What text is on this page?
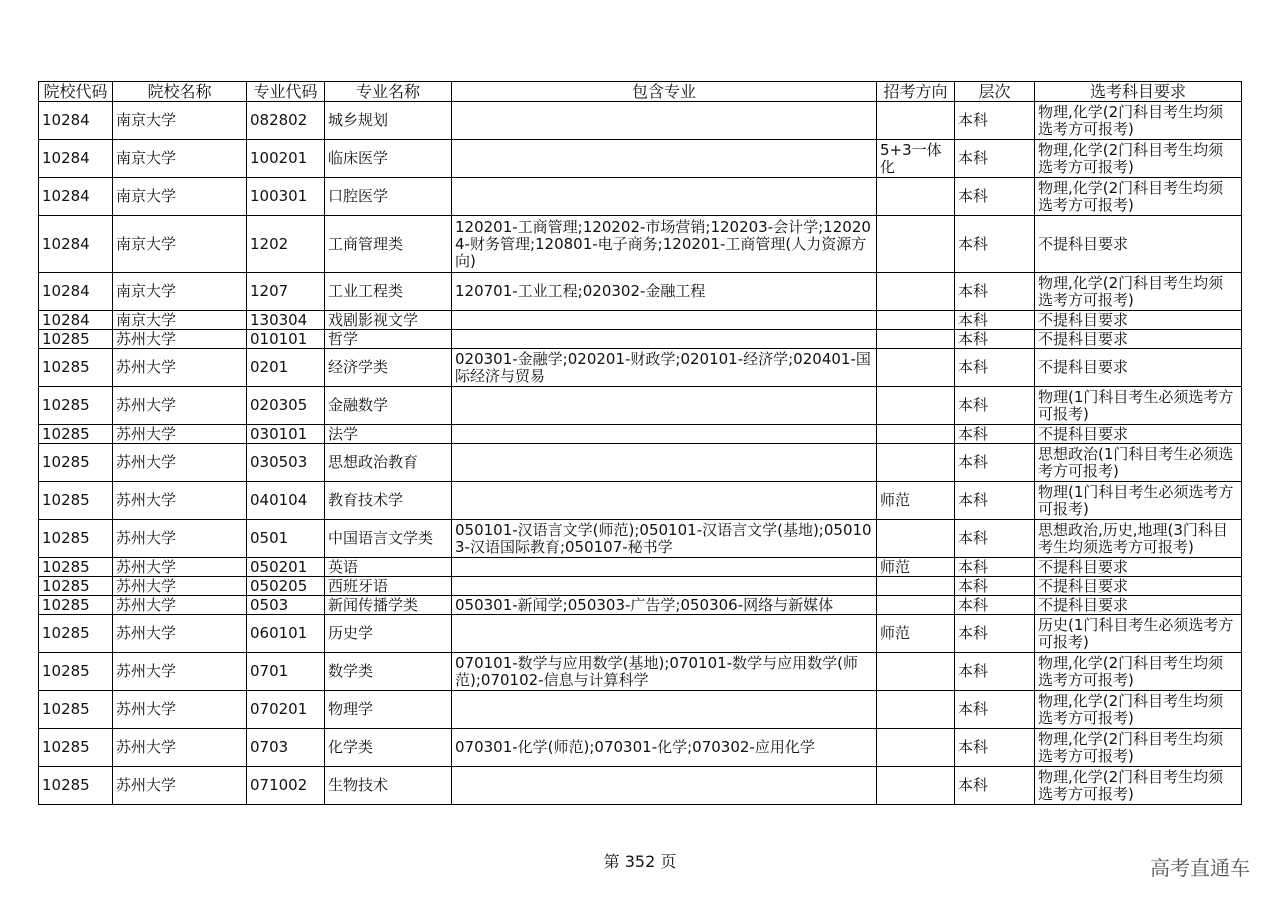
院校代码	院校名称	专业代码	专业名称	包含专业	招考方向	层次	选考科目要求
10284	南京大学	082802	城乡规划			本科	物理,化学(2门科目考生均须选考方可报考)
10284	南京大学	100201	临床医学		5+3一体化	本科	物理,化学(2门科目考生均须选考方可报考)
10284	南京大学	100301	口腔医学			本科	物理,化学(2门科目考生均须选考方可报考)
10284	南京大学	1202	工商管理类	120201-工商管理;120202-市场营销;120203-会计学;120204-财务管理;120801-电子商务;120201-工商管理(人力资源方向)		本科	不提科目要求
10284	南京大学	1207	工业工程类	120701-工业工程;020302-金融工程		本科	物理,化学(2门科目考生均须选考方可报考)
10284	南京大学	130304	戏剧影视文学			本科	不提科目要求
10285	苏州大学	010101	哲学			本科	不提科目要求
10285	苏州大学	0201	经济学类	020301-金融学;020201-财政学;020101-经济学;020401-国际经济与贸易		本科	不提科目要求
10285	苏州大学	020305	金融数学			本科	物理(1门科目考生必须选考方可报考)
10285	苏州大学	030101	法学			本科	不提科目要求
10285	苏州大学	030503	思想政治教育			本科	思想政治(1门科目考生必须选考方可报考)
10285	苏州大学	040104	教育技术学		师范	本科	物理(1门科目考生必须选考方可报考)
10285	苏州大学	0501	中国语言文学类	050101-汉语言文学(师范);050101-汉语言文学(基地);050103-汉语国际教育;050107-秘书学		本科	思想政治,历史,地理(3门科目考生均须选考方可报考)
10285	苏州大学	050201	英语		师范	本科	不提科目要求
10285	苏州大学	050205	西班牙语			本科	不提科目要求
10285	苏州大学	0503	新闻传播学类	050301-新闻学;050303-广告学;050306-网络与新媒体		本科	不提科目要求
10285	苏州大学	060101	历史学		师范	本科	历史(1门科目考生必须选考方可报考)
10285	苏州大学	0701	数学类	070101-数学与应用数学(基地);070101-数学与应用数学(师范);070102-信息与计算科学		本科	物理,化学(2门科目考生均须选考方可报考)
10285	苏州大学	070201	物理学			本科	物理,化学(2门科目考生均须选考方可报考)
10285	苏州大学	0703	化学类	070301-化学(师范);070301-化学;070302-应用化学		本科	物理,化学(2门科目考生均须选考方可报考)
10285	苏州大学	071002	生物技术			本科	物理,化学(2门科目考生均须选考方可报考)
第 352 页	高考直通车
